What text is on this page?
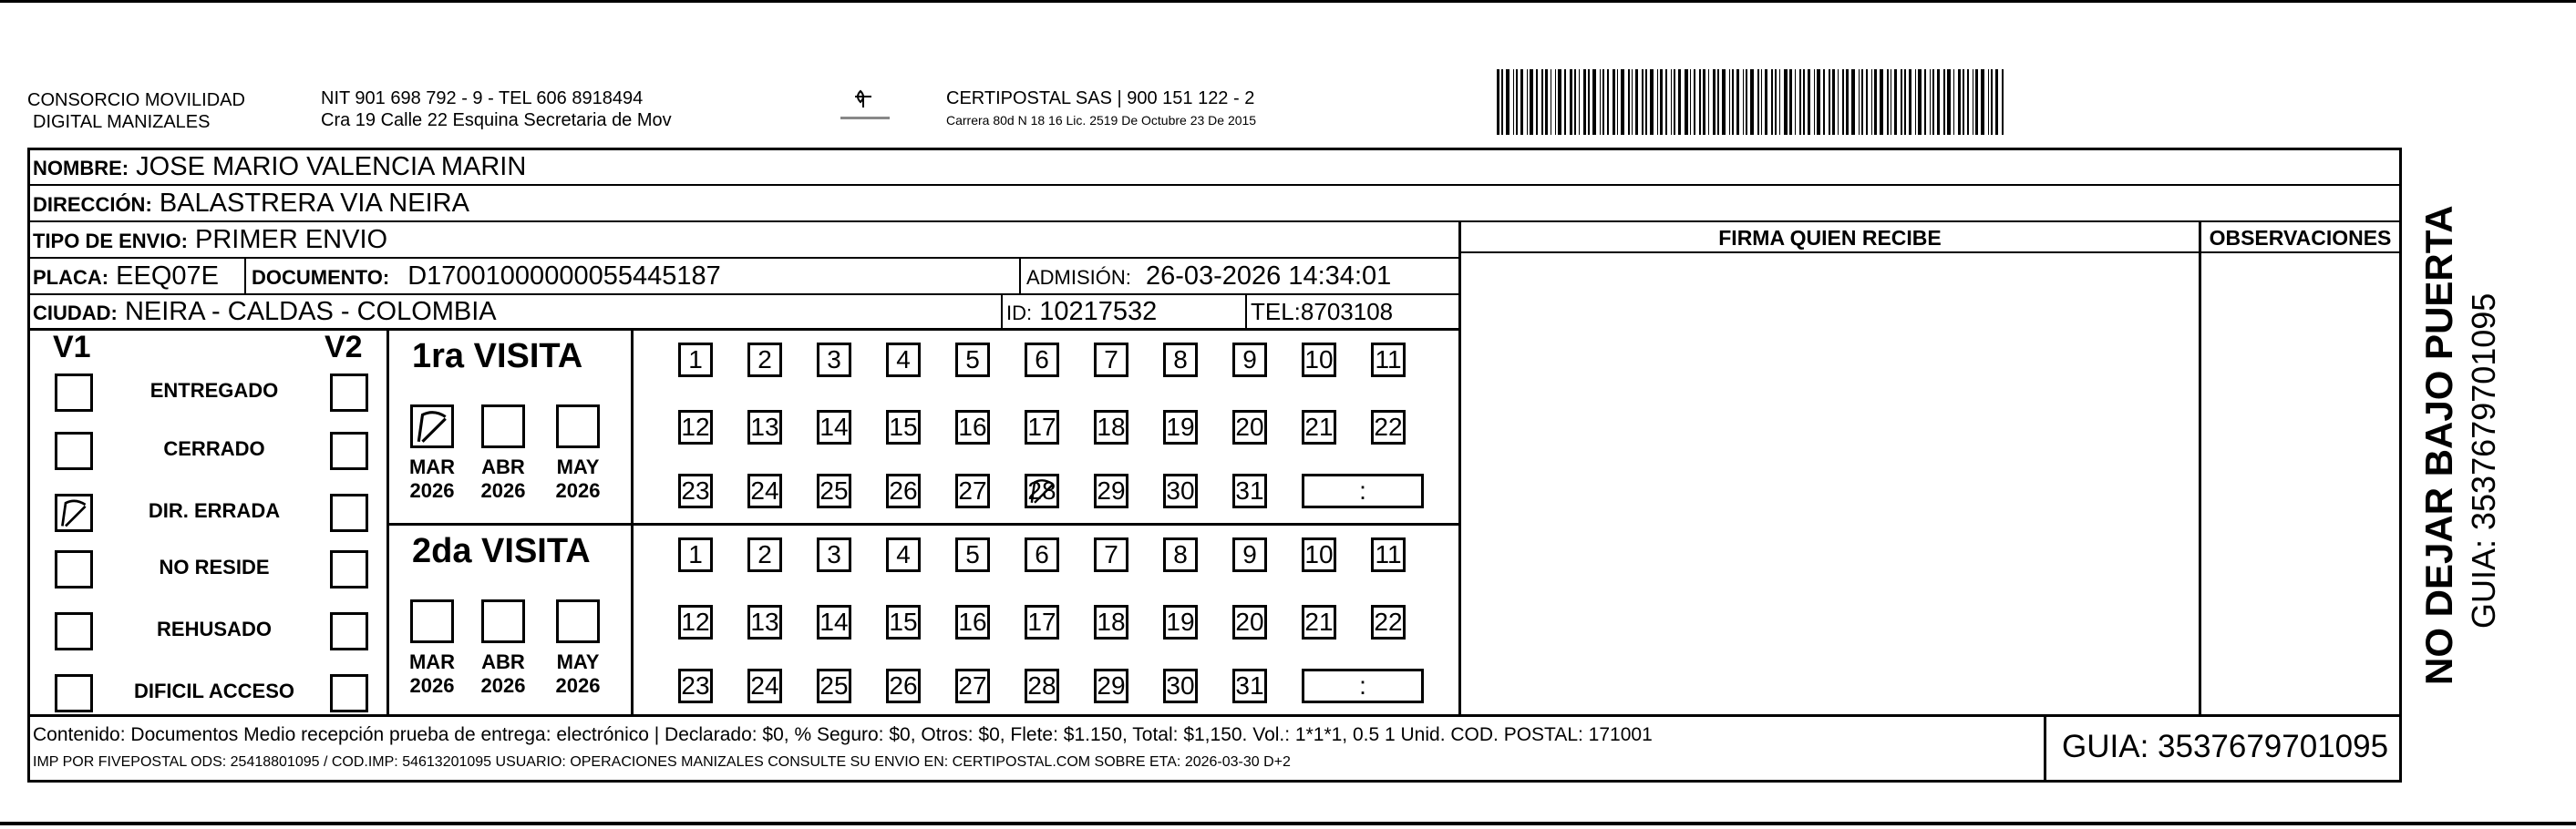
CONSORCIO MOVILIDAD
DIGITAL MANIZALES
NIT 901 698 792 - 9 - TEL 606 8918494
Cra 19 Calle 22 Esquina Secretaria de Mov
CERTIPOSTAL SAS | 900 151 122 - 2
Carrera 80d N 18 16 Lic. 2519 De Octubre 23 De 2015
NOMBRE: JOSE MARIO VALENCIA MARIN
DIRECCIÓN: BALASTRERA VIA NEIRA
TIPO DE ENVIO: PRIMER ENVIO	FIRMA QUIEN RECIBE	OBSERVACIONES
PLACA: EEQ07E DOCUMENTO: D17001000000055445187	ADMISIÓN: 26-03-2026 14:34:01
CIUDAD: NEIRA - CALDAS - COLOMBIA	ID: 10217532	TEL:8703108
V1	V2
ENTREGADO
CERRADO
DIR. ERRADA
NO RESIDE
REHUSADO
DIFICIL ACCESO
1ra VISITA
2da VISITA
MAR
2026
ABR
2026
MAY
2026
1	2	3	4	5	6	7	8	9	10 11
12 13 14 15 16 17 18 19 20 21 22
23 24 25 26 27 28 29 30 31	:
MAR
2026
ABR
2026
MAY
2026
1	2	3	4	5	6	7	8	9	10 11
12 13 14 15 16 17 18 19 20 21 22
23 24 25 26 27 28 29 30 31	:
Contenido: Documentos Medio recepción prueba de entrega: electrónico | Declarado: $0, % Seguro: $0, Otros: $0, Flete: $1.150, Total: $1,150. Vol.: 1*1*1, 0.5 1 Unid. COD. POSTAL: 171001
IMP POR FIVEPOSTAL ODS: 25418801095 / COD.IMP: 54613201095 USUARIO: OPERACIONES MANIZALES CONSULTE SU ENVIO EN: CERTIPOSTAL.COM SOBRE ETA: 2026-03-30 D+2	GUIA: 3537679701095
NO DEJAR BAJO PUERTA GUIA: 3537679701095
